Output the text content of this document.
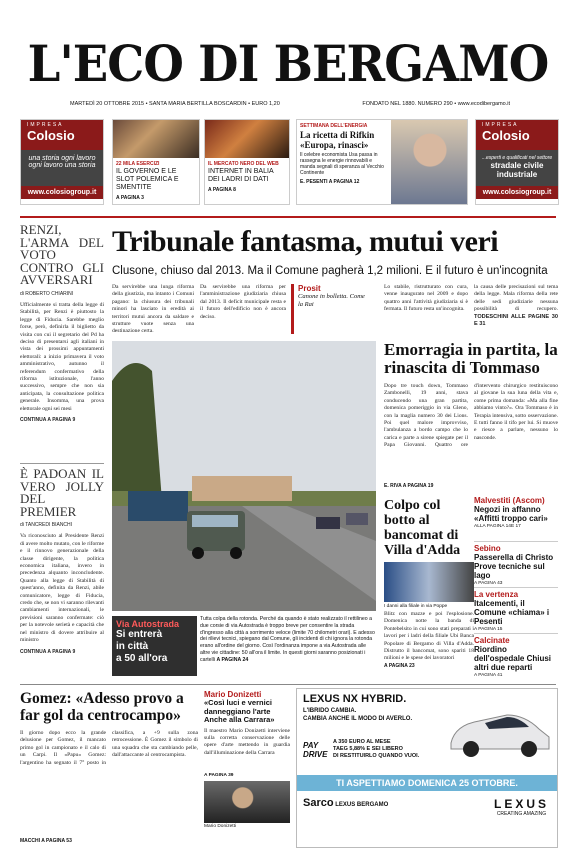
L'ECO DI BERGAMO
MARTEDÌ 20 OTTOBRE 2015 • SANTA MARIA BERTILLA BOSCARDIN • EURO 1,20	FONDATO NEL 1880. NUMERO 290 • www.ecodibergamo.it
IMPRESA
Colosio
una storia ogni lavoro
ogni lavoro una storia
www.colosiogroup.it
22 MILA ESERCIZI
IL GOVERNO E LE SLOT POLEMICA E SMENTITE
A PAGINA 3
IL MERCATO NERO DEL WEB
INTERNET IN BALIA DEI LADRI DI DATI
A PAGINA 8
SETTIMANA DELL'ENERGIA
La ricetta di Rifkin «Europa, rinasci»
Il celebre economista Usa passa in rassegna le energie rinnovabili e manda segnali di speranza al Vecchio Continente
E. PESENTI A PAGINA 12
IMPRESA
Colosio
...esperti e qualificati nel settore
stradale civile industriale
www.colosiogroup.it
RENZI, L'ARMA DEL VOTO CONTRO GLI AVVERSARI
di ROBERTO CHIARINI
Ufficialmente si tratta della legge di Stabilità, per Renzi è piuttosto la legge di Fiducia. Sarebbe meglio forse, però, definirla il biglietto da visita con cui il segretario del Pd ha deciso di presentarsi agli italiani in vista dei prossimi appuntamenti elettorali: a inizio primavera il voto amministrativo, autunno il referendum confermativo della riforma istituzionale, l'anno successivo, sempre che non sia anticipata, la consultazione politica generale. Insomma, una prova elettorale ogni sei mesi
CONTINUA A PAGINA 9
È PADOAN IL VERO JOLLY DEL PREMIER
di TANCREDI BIANCHI
Va riconosciuto al Presidente Renzi di avere molto mutato, con le riforme e il rinnovo generazionale della classe dirigente, la politica economica italiana, invero in precedenza alquanto inconcludente. Quanto alla legge di Stabilità di quest'anno, definita da Renzi, abile comunicatore, legge di Fiducia, credo che, se non vi saranno rilevanti cambiamenti internazionali, le previsioni saranno confermate: ciò per la notevole serietà e capacità che nel ministro di dovere attribuire al ministro
CONTINUA A PAGINA 9
Tribunale fantasma, mutui veri
Clusone, chiuso dal 2013. Ma il Comune pagherà 1,2 milioni. E il futuro è un'incognita
Da servirebbe una lunga riforma della giustizia, ma intanto i Comuni pagano: la chiusura dei tribunali minori ha lasciato in eredità ai territori mutui ancora da saldare e strutture vuote senza una destinazione certa.
Da servirebbe una riforma per l'amministrazione giudiziaria chiusa dal 2013. Il deficit municipale resta e il futuro dell'edificio non è ancora deciso.
Prosit
Canone in bolletta. Come la Rai
Lo stabile, ristrutturato con cura, venne inaugurato nel 2009 e dopo quattro anni l'attività giudiziaria si è fermata. Il futuro resta un'incognita.
la causa delle precisazioni sul tema della legge. Mala riforma della rete delle sedi giudiziarie nessuna possibilità di recupero. TODESCHINI ALLE PAGINE 30 E 31
Via Autostrada
Si entrerà
in città
a 50 all'ora
Tutta colpa della rotonda. Perché da quando è stato realizzato il rettilineo a due corsie di via Autostrada è troppo breve per consentire la strada d'ingresso alla città a sorrimento veloce (limite 70 chilometri orari). E adesso dei rilievi tecnici, spiegano dal Comune, gli incidenti di chi ignora la rotonda erano all'ordine del giorno. Così l'ordinanza impone a via Autostrada alle altre vie cittadine: 50 all'ora il limite. In questi giorni saranno posizionati i cartelli A PAGINA 24
Emorragia in partita, la rinascita di Tommaso
Dopo tre touch down, Tommaso Zambonelli, 19 anni, stava conducendo una gran partita, domenica pomeriggio in via Gleno, con la maglia numero 30 dei Lions. Poi quel malore improvviso, l'ambulanza a bordo campo che lo carica e parte a sirene spiegate per il Papa Giovanni. Quattro ore d'intervento chirurgico restituiscono al giovane la sua luna della vita e, come prima domanda: «Ma alla fine abbiamo vinto?». Ora Tommaso è in Terapia intensiva, sotto osservazione. E tutti fanno il tifo per lui. Si muove e riesce a parlare, nessuno lo nasconde.
E. RIVA A PAGINA 19
Colpo col botto al bancomat di Villa d'Adda
I danni alla filiale in via Poppe
Blitz con mazze e poi l'esplosione. Domenica notte la banda di Pontebelsito in cui sono stati preparati i lavori per i ladri della filiale Ubi Banca Popolare di Bergamo di Villa d'Adda. Distrutto il bancomat, sono spariti 18 milioni e le spese dei lavoratori
A PAGINA 23
Malvestiti (Ascom)
Negozi in affanno «Affitti troppo cari»
ALLA PAGINA 14E 17
Sebino
Passerella di Christo Prove tecniche sul lago
A PAGINA 43
La vertenza
Italcementi, il Comune «chiama» i Pesenti
A PAGINA 15
Calcinate
Riordino dell'ospedale Chiusi altri due reparti
A PAGINA 41
Gomez: «Adesso provo a far gol da centrocampo»
Il giorno dopo ecco la grande delusione per Gomez, il mancato primo gol in campionato e il calo di un Carpi. Il «Papu» Gomez: l'argentino ha segnato il 7° posto in classifica, a +9 sulla zona retrocessione. È Gomez il simbolo di una squadra che sta cambiando pelle, dall'attaccante al centrocampista.
MACCHI A PAGINA 53
Mario Donizetti
«Così luci e vernici danneggiano l'arte Anche alla Carrara»
Il maestro Mario Donizetti interviene sulla corretta conservazione delle opere d'arte mettendo in guardia dall'illuminazione della Carrara
A PAGINA 39
Mario Donizetti
LEXUS NX HYBRID.
L'IBRIDO CAMBIA.
CAMBIA ANCHE IL MODO DI AVERLO.
PAY
DRIVE
A 350 EURO AL MESE
TAEG 5,88% E SEI LIBERO
DI RESTITUIRLO QUANDO VUOI.
TI ASPETTIAMO DOMENICA 25 OTTOBRE.
Sarco LEXUS BERGAMO	LEXUS
CREATING AMAZING
